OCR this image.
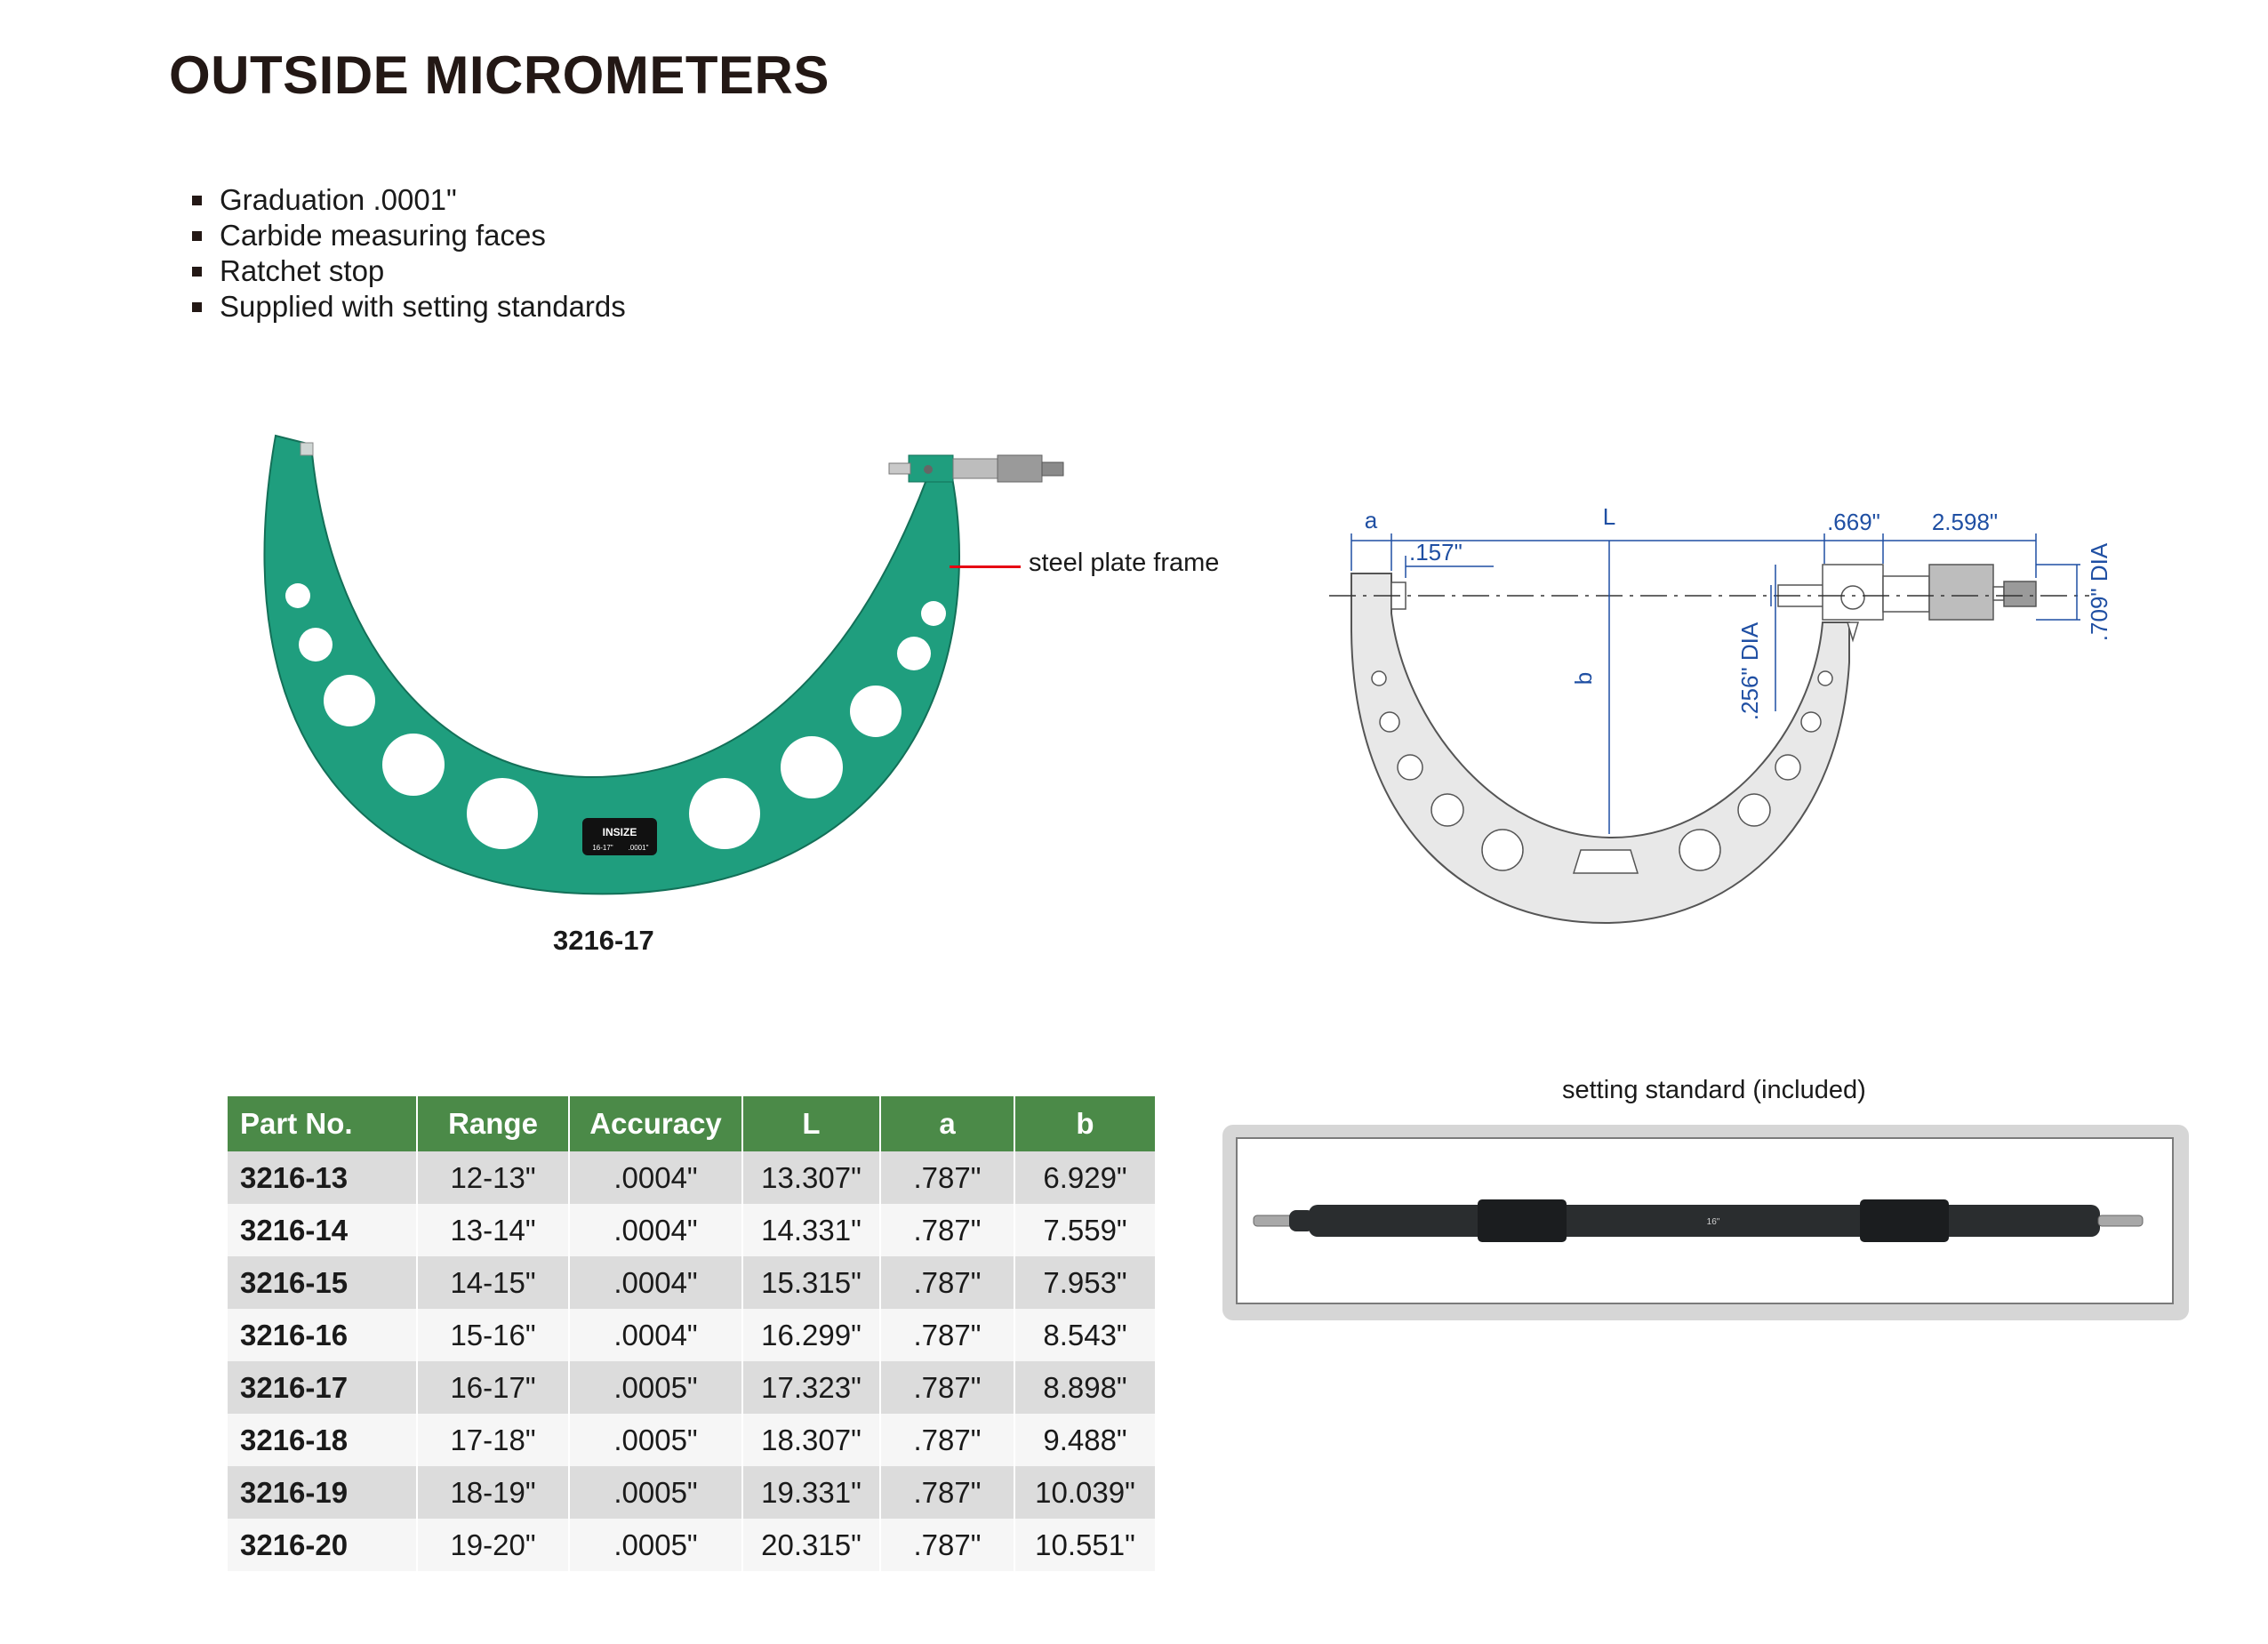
OUTSIDE MICROMETERS
Graduation .0001"
Carbide measuring faces
Ratchet stop
Supplied with setting standards
INSIZE
16-17" .0001"
steel plate frame
3216-17
a	L
.157"
.669" 2.598"
b	.256" DIA
.709" DIA
Part No.	Range	Accuracy	L	a	b
3216-13	12-13"	.0004"	13.307"	.787"	6.929"
3216-14	13-14"	.0004"	14.331"	.787"	7.559"
3216-15	14-15"	.0004"	15.315"	.787"	7.953"
3216-16	15-16"	.0004"	16.299"	.787"	8.543"
3216-17	16-17"	.0005"	17.323"	.787"	8.898"
3216-18	17-18"	.0005"	18.307"	.787"	9.488"
3216-19	18-19"	.0005"	19.331"	.787"	10.039"
3216-20	19-20"	.0005"	20.315"	.787"	10.551"
setting standard (included)
16"
